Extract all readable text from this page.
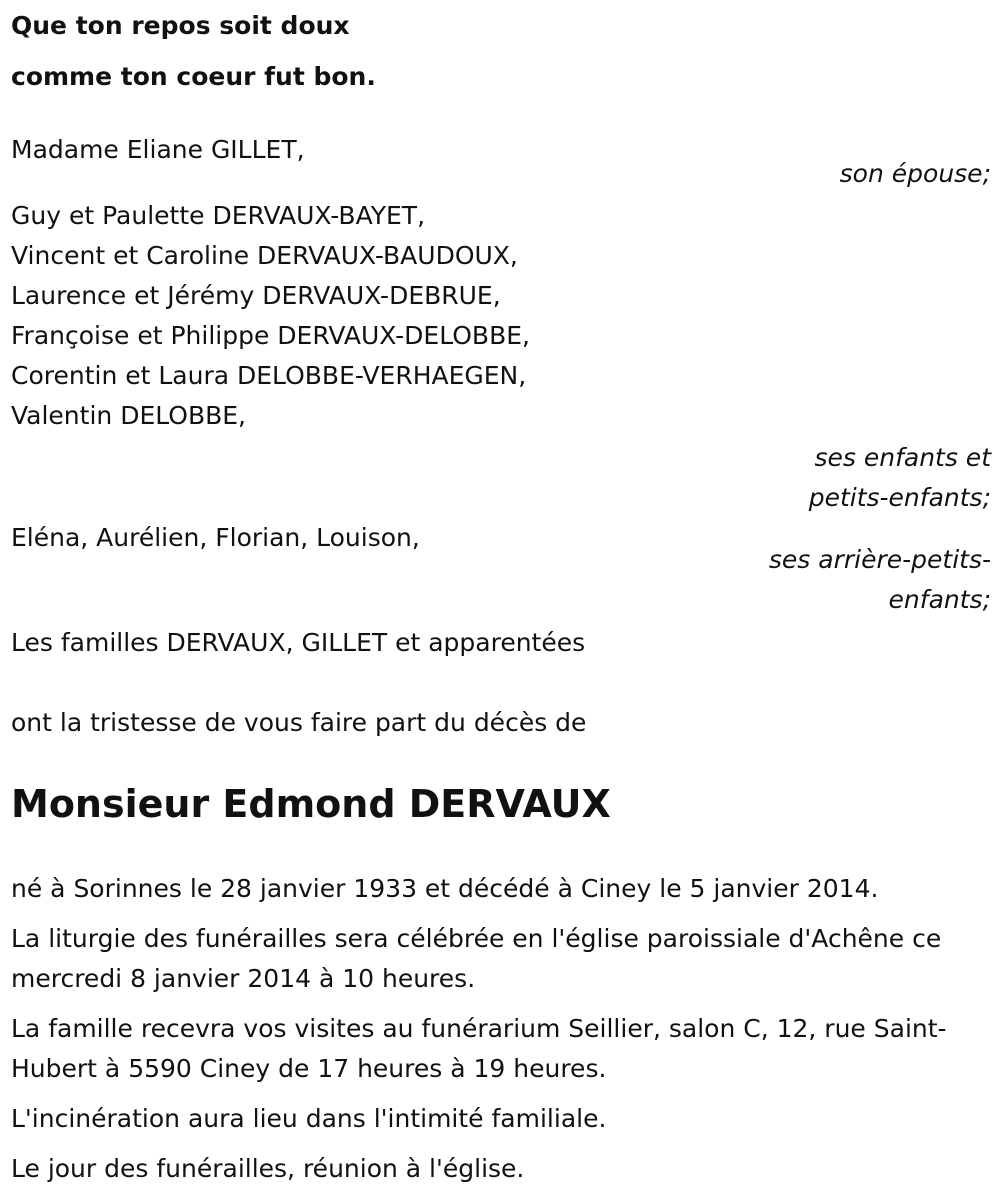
Que ton repos soit doux

comme ton coeur fut bon.

Madame Eliane GILLET,

son épouse;

Guy et Paulette DERVAUX-BAYET,

Vincent et Caroline DERVAUX-BAUDOUX,

Laurence et Jérémy DERVAUX-DEBRUE,

Françoise et Philippe DERVAUX-DELOBBE,

Corentin et Laura DELOBBE-VERHAEGEN,

Valentin DELOBBE,

ses enfants et

petits-enfants;

Eléna, Aurélien, Florian, Louison,

ses arrière-petits-

enfants;

Les familles DERVAUX, GILLET et apparentées

ont la tristesse de vous faire part du décès de

Monsieur Edmond DERVAUX

né à Sorinnes le 28 janvier 1933 et décédé à Ciney le 5 janvier 2014.

La liturgie des funérailles sera célébrée en l'église paroissiale d'Achêne ce mercredi 8 janvier 2014 à 10 heures.

La famille recevra vos visites au funérarium Seillier, salon C, 12, rue Saint-Hubert à 5590 Ciney de 17 heures à 19 heures.

L'incinération aura lieu dans l'intimité familiale.

Le jour des funérailles, réunion à l'église.
